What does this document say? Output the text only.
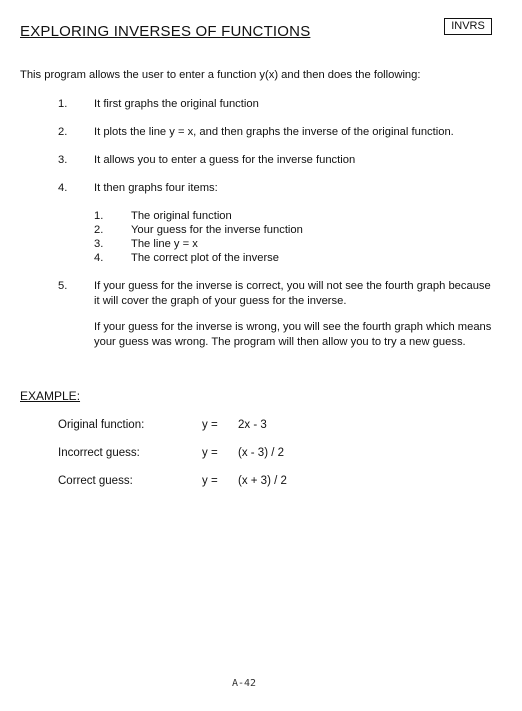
EXPLORING INVERSES OF FUNCTIONS	INVRS
This program allows the user to enter a function y(x) and then does the following:
1. It first graphs the original function
2. It plots the line y = x, and then graphs the inverse of the original function.
3. It allows you to enter a guess for the inverse function
4. It then graphs four items:
1. The original function
2. Your guess for the inverse function
3. The line y = x
4. The correct plot of the inverse
5. If your guess for the inverse is correct, you will not see the fourth graph because it will cover the graph of your guess for the inverse.
If your guess for the inverse is wrong, you will see the fourth graph which means your guess was wrong. The program will then allow you to try a new guess.
EXAMPLE:
Original function:	y = 2x - 3
Incorrect guess:	y = (x - 3) / 2
Correct guess:	y = (x + 3) / 2
A-42
